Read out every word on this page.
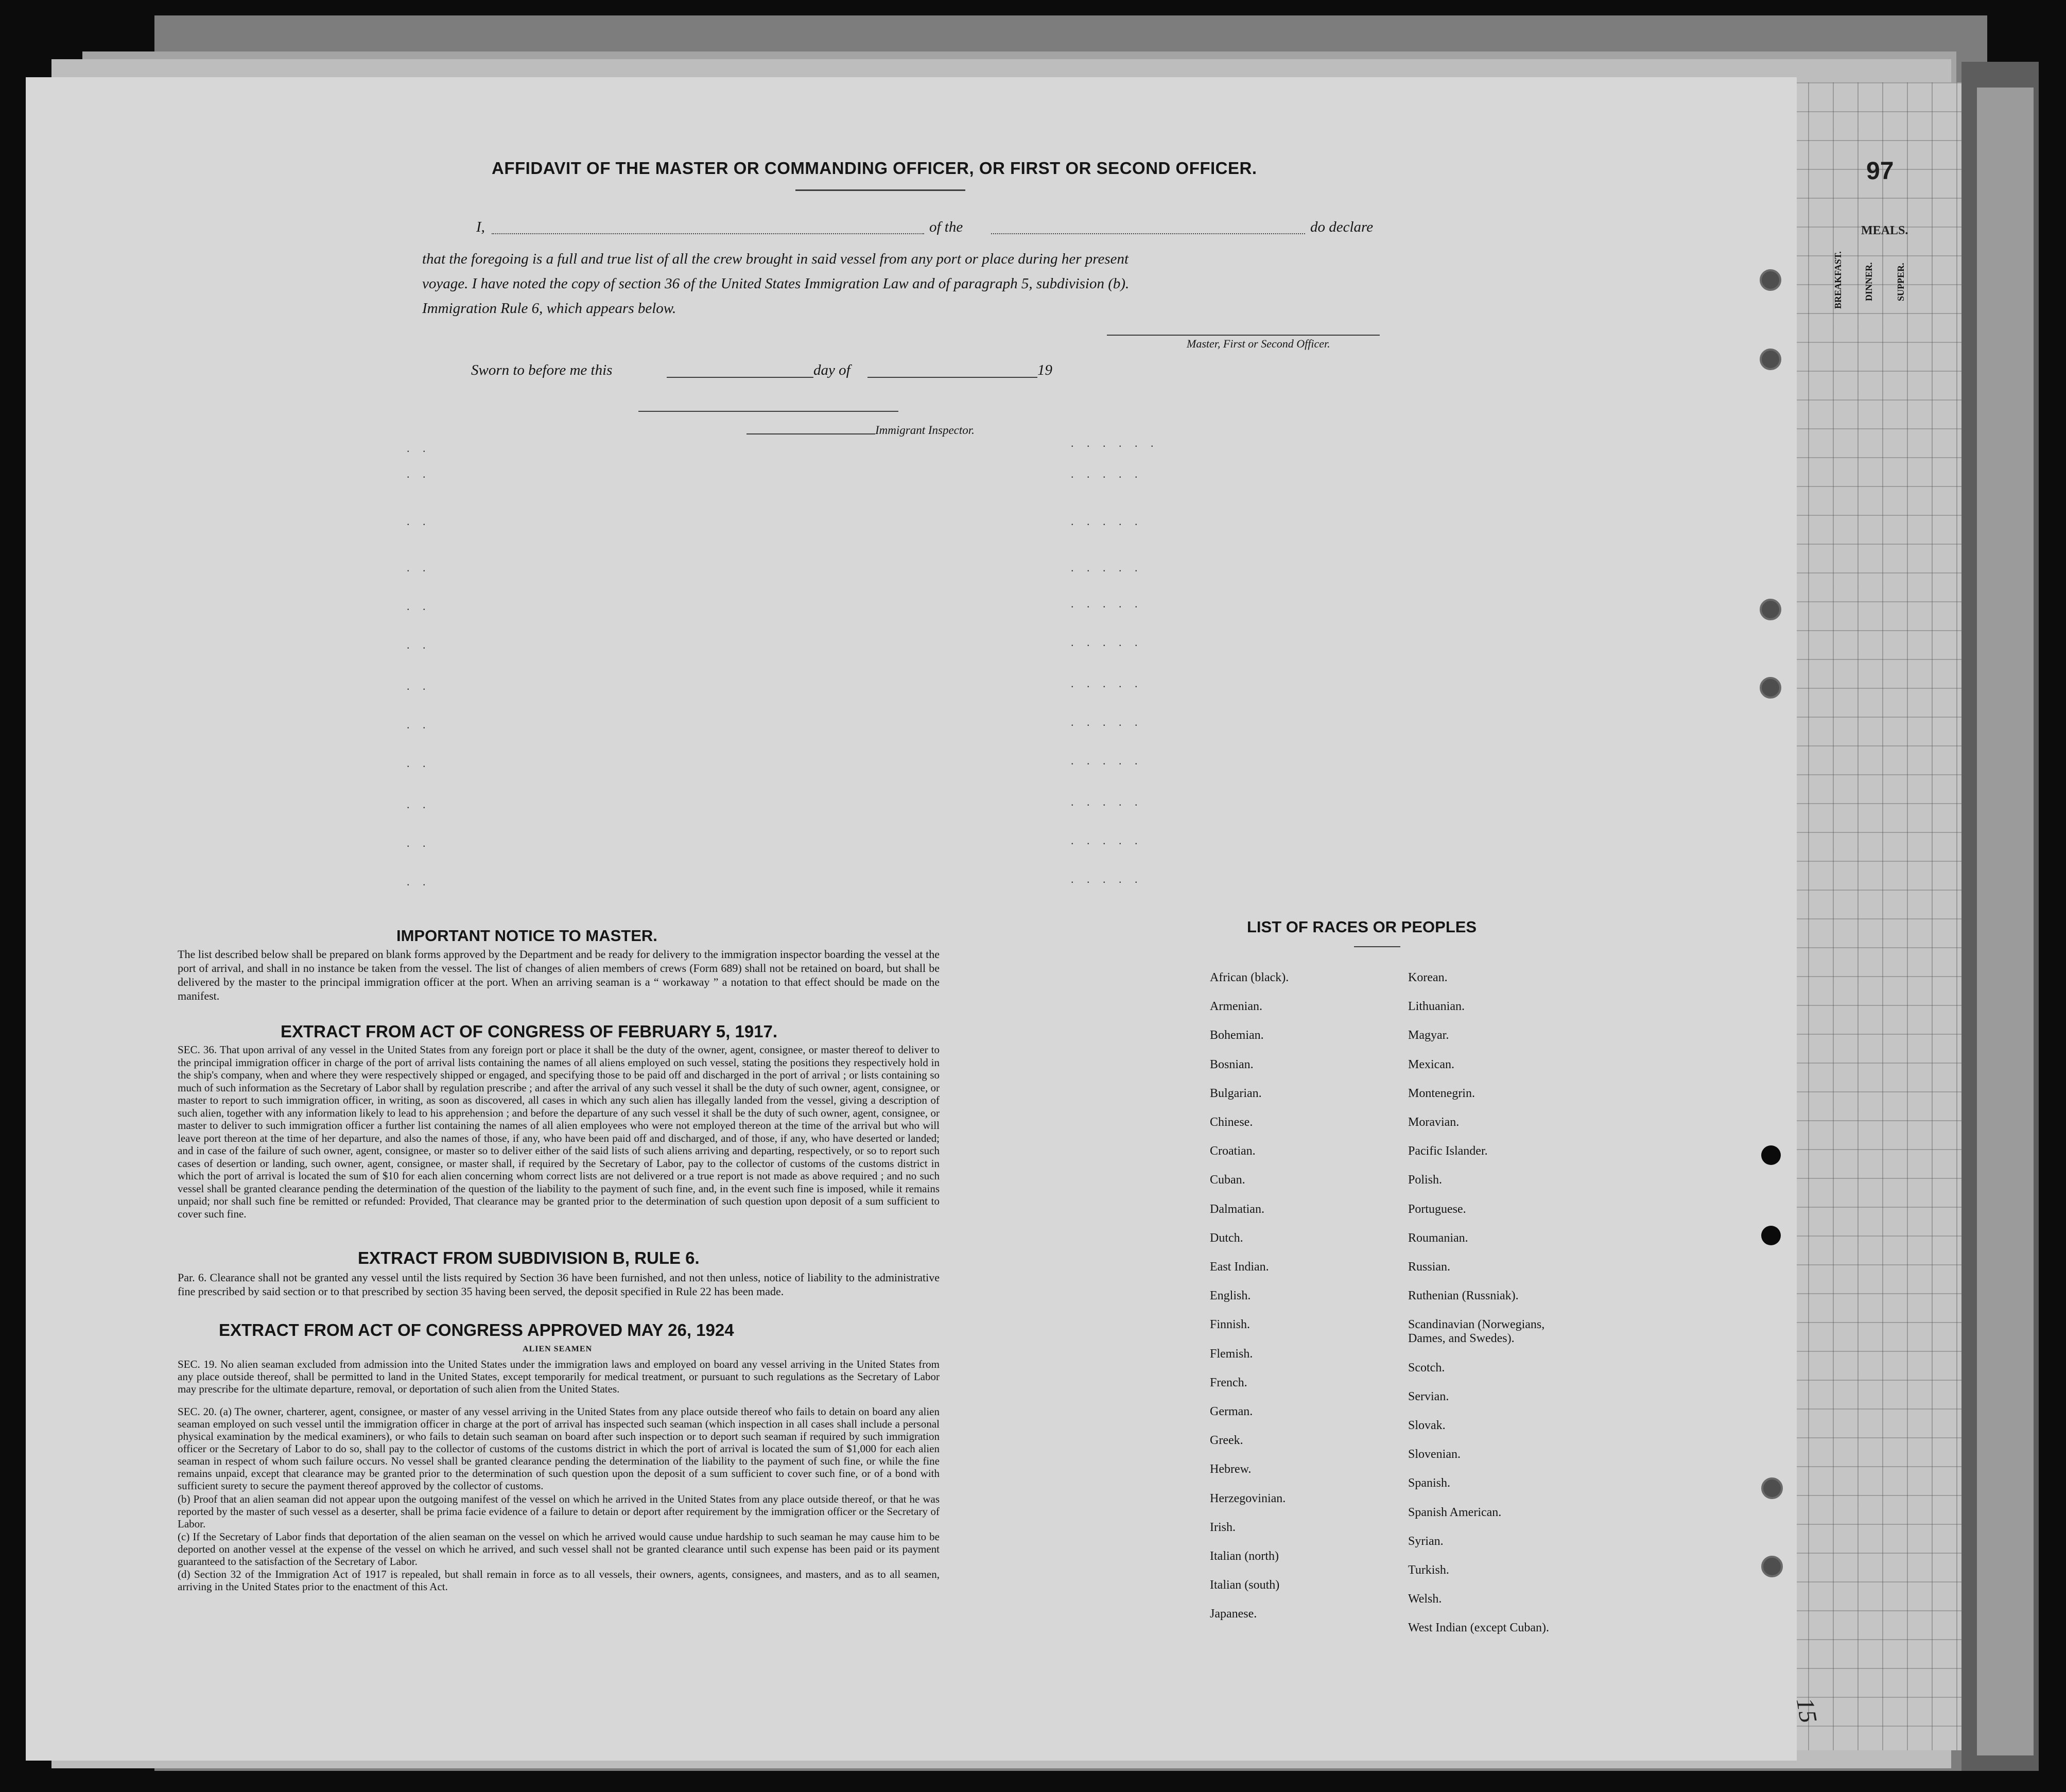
97
MEALS.
BREAKFAST. DINNER. SUPPER.
AFFIDAVIT OF THE MASTER OR COMMANDING OFFICER, OR FIRST OR SECOND OFFICER.
I,	of the	do declare
that the foregoing is a full and true list of all the crew brought in said vessel from any port or place during her present
voyage. I have noted the copy of section 36 of the United States Immigration Law and of paragraph 5, subdivision (b).
Immigration Rule 6, which appears below.
Master, First or Second Officer.
Sworn to before me this	day of	19
Immigrant Inspector.
. .	. . . . . .
. .	. . . . .
. .	. . . . .
. .	. . . . .
. .	. . . . .
. .	. . . . .
. .	. . . . .
. .	. . . . .
. .	. . . . .
. .	. . . . .
. .	. . . . .
. .	. . . . .
IMPORTANT NOTICE TO MASTER.
The list described below shall be prepared on blank forms approved by the Department and be ready for delivery to the immigration inspector boarding the vessel at the port of arrival, and shall in no instance be taken from the vessel. The list of changes of alien members of crews (Form 689) shall not be retained on board, but shall be delivered by the master to the principal immigration officer at the port. When an arriving seaman is a “ workaway ” a notation to that effect should be made on the manifest.
EXTRACT FROM ACT OF CONGRESS OF FEBRUARY 5, 1917.
SEC. 36. That upon arrival of any vessel in the United States from any foreign port or place it shall be the duty of the owner, agent, consignee, or master thereof to deliver to the principal immigration officer in charge of the port of arrival lists containing the names of all aliens employed on such vessel, stating the positions they respectively hold in the ship's company, when and where they were respectively shipped or engaged, and specifying those to be paid off and discharged in the port of arrival ; or lists containing so much of such information as the Secretary of Labor shall by regulation prescribe ; and after the arrival of any such vessel it shall be the duty of such owner, agent, consignee, or master to report to such immigration officer, in writing, as soon as discovered, all cases in which any such alien has illegally landed from the vessel, giving a description of such alien, together with any information likely to lead to his apprehension ; and before the departure of any such vessel it shall be the duty of such owner, agent, consignee, or master to deliver to such immigration officer a further list containing the names of all alien employees who were not employed thereon at the time of the arrival but who will leave port thereon at the time of her departure, and also the names of those, if any, who have been paid off and discharged, and of those, if any, who have deserted or landed; and in case of the failure of such owner, agent, consignee, or master so to deliver either of the said lists of such aliens arriving and departing, respectively, or so to report such cases of desertion or landing, such owner, agent, consignee, or master shall, if required by the Secretary of Labor, pay to the collector of customs of the customs district in which the port of arrival is located the sum of $10 for each alien concerning whom correct lists are not delivered or a true report is not made as above required ; and no such vessel shall be granted clearance pending the determination of the question of the liability to the payment of such fine, and, in the event such fine is imposed, while it remains unpaid; nor shall such fine be remitted or refunded: Provided, That clearance may be granted prior to the determination of such question upon deposit of a sum sufficient to cover such fine.
EXTRACT FROM SUBDIVISION B, RULE 6.
Par. 6. Clearance shall not be granted any vessel until the lists required by Section 36 have been furnished, and not then unless, notice of liability to the administrative fine prescribed by said section or to that prescribed by section 35 having been served, the deposit specified in Rule 22 has been made.
EXTRACT FROM ACT OF CONGRESS APPROVED MAY 26, 1924
ALIEN SEAMEN
SEC. 19. No alien seaman excluded from admission into the United States under the immigration laws and employed on board any vessel arriving in the United States from any place outside thereof, shall be permitted to land in the United States, except temporarily for medical treatment, or pursuant to such regulations as the Secretary of Labor may prescribe for the ultimate departure, removal, or deportation of such alien from the United States.
SEC. 20. (a) The owner, charterer, agent, consignee, or master of any vessel arriving in the United States from any place outside thereof who fails to detain on board any alien seaman employed on such vessel until the immigration officer in charge at the port of arrival has inspected such seaman (which inspection in all cases shall include a personal physical examination by the medical examiners), or who fails to detain such seaman on board after such inspection or to deport such seaman if required by such immigration officer or the Secretary of Labor to do so, shall pay to the collector of customs of the customs district in which the port of arrival is located the sum of $1,000 for each alien seaman in respect of whom such failure occurs. No vessel shall be granted clearance pending the determination of the liability to the payment of such fine, or while the fine remains unpaid, except that clearance may be granted prior to the determination of such question upon the deposit of a sum sufficient to cover such fine, or of a bond with sufficient surety to secure the payment thereof approved by the collector of customs.
(b) Proof that an alien seaman did not appear upon the outgoing manifest of the vessel on which he arrived in the United States from any place outside thereof, or that he was reported by the master of such vessel as a deserter, shall be prima facie evidence of a failure to detain or deport after requirement by the immigration officer or the Secretary of Labor.
(c) If the Secretary of Labor finds that deportation of the alien seaman on the vessel on which he arrived would cause undue hardship to such seaman he may cause him to be deported on another vessel at the expense of the vessel on which he arrived, and such vessel shall not be granted clearance until such expense has been paid or its payment guaranteed to the satisfaction of the Secretary of Labor.
(d) Section 32 of the Immigration Act of 1917 is repealed, but shall remain in force as to all vessels, their owners, agents, consignees, and masters, and as to all seamen, arriving in the United States prior to the enactment of this Act.
LIST OF RACES OR PEOPLES
African (black).
Armenian.
Bohemian.
Bosnian.
Bulgarian.
Chinese.
Croatian.
Cuban.
Dalmatian.
Dutch.
East Indian.
English.
Finnish.
Flemish.
French.
German.
Greek.
Hebrew.
Herzegovinian.
Irish.
Italian (north)
Italian (south)
Japanese.
Korean.
Lithuanian.
Magyar.
Mexican.
Montenegrin.
Moravian.
Pacific Islander.
Polish.
Portuguese.
Roumanian.
Russian.
Ruthenian (Russniak).
Scandinavian (Norwegians,
Dames, and Swedes).
Scotch.
Servian.
Slovak.
Slovenian.
Spanish.
Spanish American.
Syrian.
Turkish.
Welsh.
West Indian (except Cuban).
15
